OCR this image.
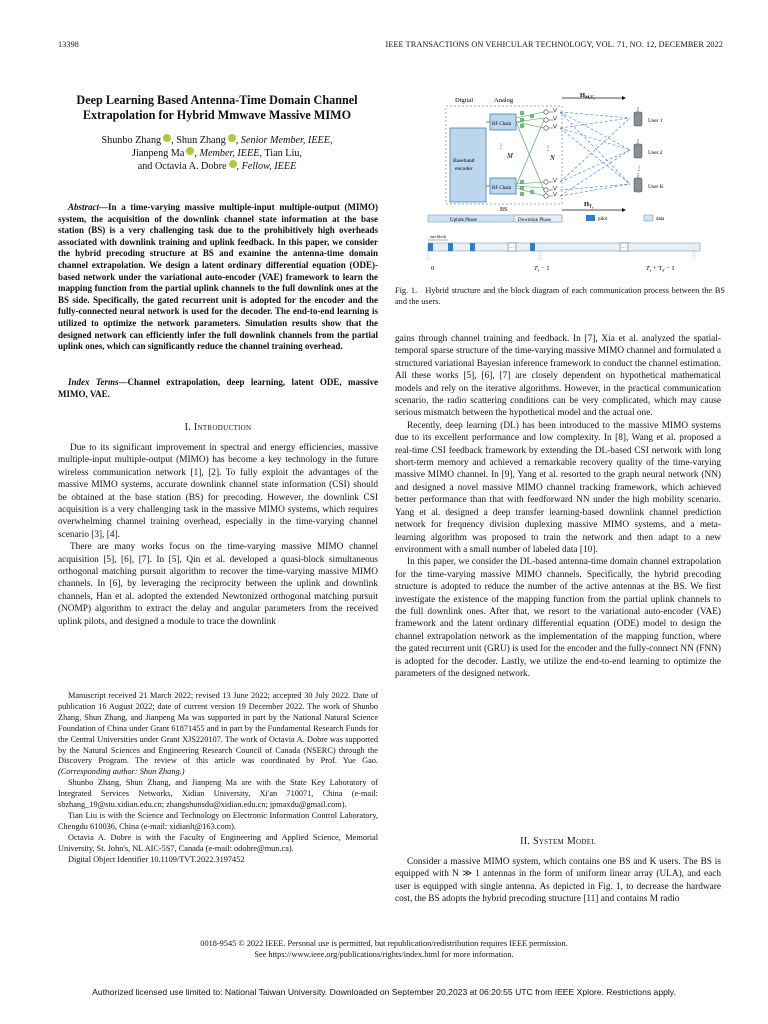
13398	IEEE TRANSACTIONS ON VEHICULAR TECHNOLOGY, VOL. 71, NO. 12, DECEMBER 2022
Deep Learning Based Antenna-Time Domain Channel
Extrapolation for Hybrid Mmwave Massive MIMO
Shunbo Zhang , Shun Zhang , Senior Member, IEEE,
Jianpeng Ma , Member, IEEE, Tian Liu,
and Octavia A. Dobre , Fellow, IEEE
Abstract—In a time-varying massive multiple-input multiple-output (MIMO) system, the acquisition of the downlink channel state information at the base station (BS) is a very challenging task due to the prohibitively high overheads associated with downlink training and uplink feedback. In this paper, we consider the hybrid precoding structure at BS and examine the antenna-time domain channel extrapolation. We design a latent ordinary differential equation (ODE)-based network under the variational auto-encoder (VAE) framework to learn the mapping function from the partial uplink channels to the full downlink ones at the BS side. Specifically, the gated recurrent unit is adopted for the encoder and the fully-connected neural network is used for the decoder. The end-to-end learning is utilized to optimize the network parameters. Simulation results show that the designed network can efficiently infer the full downlink channels from the partial uplink ones, which can significantly reduce the channel training overhead.
Index Terms—Channel extrapolation, deep learning, latent ODE, massive MIMO, VAE.
I. Introduction

Due to its significant improvement in spectral and energy efficiencies, massive multiple-input multiple-output (MIMO) has become a key technology in the future wireless communication network [1], [2]. To fully exploit the advantages of the massive MIMO systems, accurate downlink channel state information (CSI) should be obtained at the base station (BS) for precoding. However, the downlink CSI acquisition is a very challenging task in the massive MIMO systems, which requires overwhelming channel training overhead, especially in the time-varying channel scenario [3], [4].

There are many works focus on the time-varying massive MIMO channel acquisition [5], [6], [7]. In [5], Qin et al. developed a quasi-block simultaneous orthogonal matching pursuit algorithm to recover the time-varying massive MIMO channels. In [6], by leveraging the reciprocity between the uplink and downlink channels, Han et al. adopted the extended Newtonized orthogonal matching pursuit (NOMP) algorithm to extract the delay and angular parameters from the received uplink pilots, and designed a module to trace the downlink

Manuscript received 21 March 2022; revised 13 June 2022; accepted 30 July 2022. Date of publication 16 August 2022; date of current version 19 December 2022. The work of Shunbo Zhang, Shun Zhang, and Jianpeng Ma was supported in part by the National Natural Science Foundation of China under Grant 61871455 and in part by the Fundamental Research Funds for the Central Universities under Grant XJS220107. The work of Octavia A. Dobre was supported by the Natural Sciences and Engineering Research Council of Canada (NSERC) through the Discovery Program. The review of this article was coordinated by Prof. Yue Gao. (Corresponding author: Shun Zhang.)

Shunbo Zhang, Shun Zhang, and Jianpeng Ma are with the State Key Laboratory of Integrated Services Networks, Xidian University, Xi'an 710071, China (e-mail: sbzhang_19@stu.xidian.edu.cn; zhangshunsdu@xidian.edu.cn; jpmaxdu@gmail.com).

Tian Liu is with the Science and Technology on Electronic Information Control Laboratory, Chengdu 610036, China (e-mail: xidianlt@163.com).

Octavia A. Dobre is with the Faculty of Engineering and Applied Science, Memorial University, St. John's, NL AIC-5S7, Canada (e-mail: odobre@mun.ca).

Digital Object Identifier 10.1109/TVT.2022.3197452

Digital	Analog
Baseband
encoder
RF Chain
RF Chain
M
⋮
N
⋮
BS
$H_{M,T}s$
$H_Ts$
User 1
User 2
⋮
User K
Uplink Phase	Downlink Phase	pilot	data
···	···
one block
0	$T_s - 1$	$T_s + T_d - 1$
Fig. 1. Hybrid structure and the block diagram of each communication process between the BS and the users.

gains through channel training and feedback. In [7], Xia et al. analyzed the spatial-temporal sparse structure of the time-varying massive MIMO channel and formulated a structured variational Bayesian inference framework to conduct the channel estimation. All these works [5], [6], [7] are closely dependent on hypothetical mathematical models and rely on the iterative algorithms. However, in the practical communication scenario, the radio scattering conditions can be very complicated, which may cause serious mismatch between the hypothetical model and the actual one.

Recently, deep learning (DL) has been introduced to the massive MIMO systems due to its excellent performance and low complexity. In [8], Wang et al. proposed a real-time CSI feedback framework by extending the DL-based CSI network with long short-term memory and achieved a remarkable recovery quality of the time-varying massive MIMO channel. In [9], Yang et al. resorted to the graph neural network (NN) and designed a novel massive MIMO channel tracking framework, which achieved better performance than that with feedforward NN under the high mobility scenario. Yang et al. designed a deep transfer learning-based downlink channel prediction network for frequency division duplexing massive MIMO systems, and a meta-learning algorithm was proposed to train the network and then adapt to a new environment with a small number of labeled data [10].

In this paper, we consider the DL-based antenna-time domain channel extrapolation for the time-varying massive MIMO channels. Specifically, the hybrid precoding structure is adopted to reduce the number of the active antennas at the BS. We first investigate the existence of the mapping function from the partial uplink channels to the full downlink ones. After that, we resort to the variational auto-encoder (VAE) framework and the latent ordinary differential equation (ODE) model to design the channel extrapolation network as the implementation of the mapping function, where the gated recurrent unit (GRU) is used for the encoder and the fully-connect NN (FNN) is adopted for the decoder. Lastly, we utilize the end-to-end learning to optimize the parameters of the designed network.

II. System Model

Consider a massive MIMO system, which contains one BS and K users. The BS is equipped with N ≫ 1 antennas in the form of uniform linear array (ULA), and each user is equipped with single antenna. As depicted in Fig. 1, to decrease the hardware cost, the BS adopts the hybrid precoding structure [11] and contains M radio

0018-9545 © 2022 IEEE. Personal use is permitted, but republication/redistribution requires IEEE permission.
See https://www.ieee.org/publications/rights/index.html for more information.
Authorized licensed use limited to: National Taiwan University. Downloaded on September 20,2023 at 06:20:55 UTC from IEEE Xplore. Restrictions apply.
